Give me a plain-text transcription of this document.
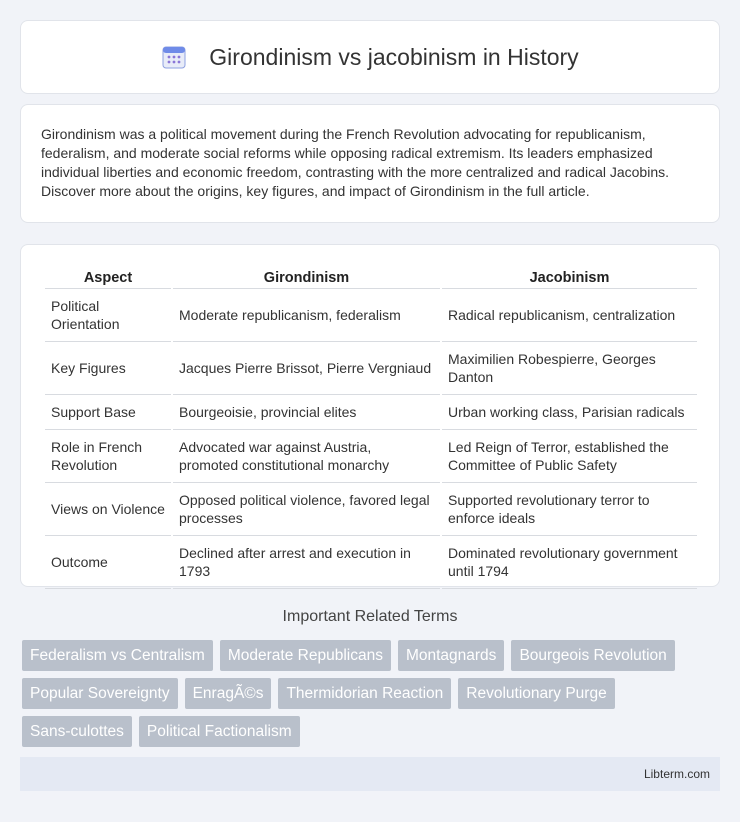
Girondinism vs jacobinism in History

Girondinism was a political movement during the French Revolution advocating for republicanism, federalism, and moderate social reforms while opposing radical extremism. Its leaders emphasized individual liberties and economic freedom, contrasting with the more centralized and radical Jacobins. Discover more about the origins, key figures, and impact of Girondinism in the full article.

Aspect	Girondinism	Jacobinism
Political Orientation	Moderate republicanism, federalism	Radical republicanism, centralization
Key Figures	Jacques Pierre Brissot, Pierre Vergniaud	Maximilien Robespierre, Georges Danton
Support Base	Bourgeoisie, provincial elites	Urban working class, Parisian radicals
Role in French Revolution	Advocated war against Austria, promoted constitutional monarchy	Led Reign of Terror, established the Committee of Public Safety
Views on Violence	Opposed political violence, favored legal processes	Supported revolutionary terror to enforce ideals
Outcome	Declined after arrest and execution in 1793	Dominated revolutionary government until 1794
Important Related Terms
Federalism vs Centralism	Moderate Republicans	Montagnards	Bourgeois Revolution
Popular Sovereignty	EnragÃ©s	Thermidorian Reaction	Revolutionary Purge
Sans-culottes	Political Factionalism
Libterm.com
